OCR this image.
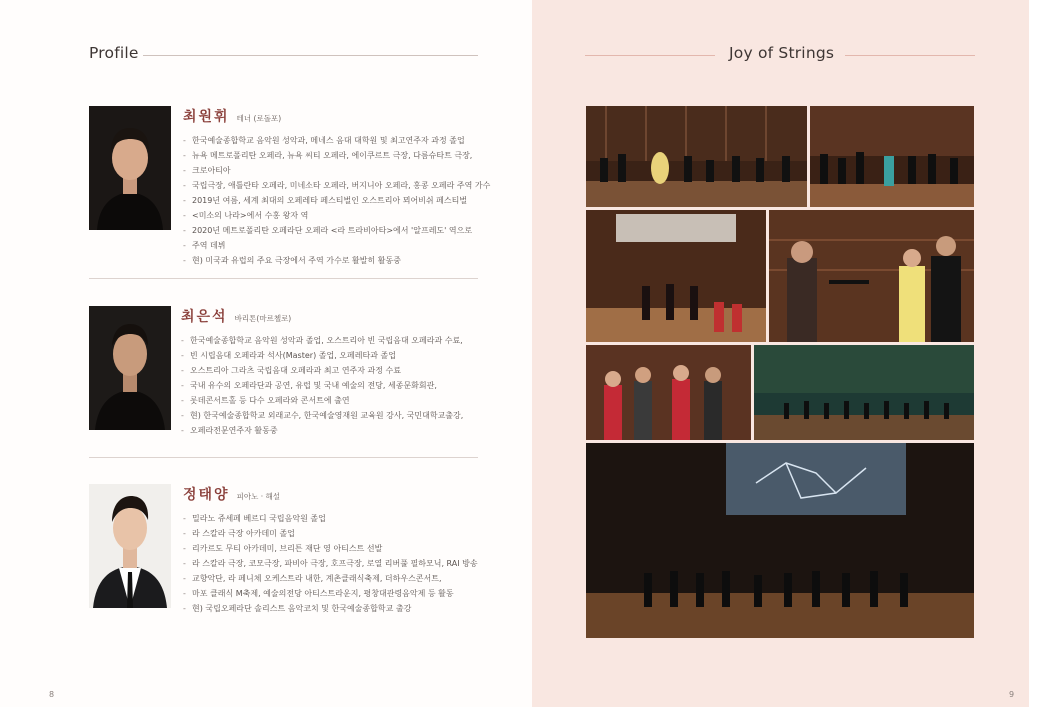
Profile
최원휘 테너 (로돌포)
- 한국예술종합학교 음악원 성악과, 메네스 음대 대학원 및 최고연주자 과정 졸업
- 뉴욕 메트로폴리탄 오페라, 뉴욕 씨티 오페라, 에이쿠르트 극장, 다름슈타트 극장,
- 크로아티아
- 국립극장, 애틀란타 오페라, 미네소타 오페라, 버지니아 오페라, 홍콩 오페라 주역 가수
- 2019년 여름, 세계 최대의 오페레타 페스티벌인 오스트리아 뫼어비쉬 페스티벌
- <미소의 나라>에서 수홍 왕자 역
- 2020년 메트로폴리탄 오페라단 오페라 <라 트라비아타>에서 '알프레도' 역으로
- 주역 데뷔
- 현) 미국과 유럽의 주요 극장에서 주역 가수로 활발히 활동중
최은석 바리톤(마르첼로)
- 한국예술종합학교 음악원 성악과 졸업, 오스트리아 빈 국립음대 오페라과 수료,
- 빈 시립음대 오페라과 석사(Master) 졸업, 오페레타과 졸업
- 오스트리아 그라츠 국립음대 오페라과 최고 연주자 과정 수료
- 국내 유수의 오페라단과 공연, 유럽 및 국내 예술의 전당, 세종문화회관,
- 롯데콘서트홀 등 다수 오페라와 콘서트에 출연
- 현) 한국예술종합학교 외래교수, 한국예술영재원 교육원 강사, 국민대학교출강,
- 오페라전문연주자 활동중
정태양 피아노 · 해설
- 밀라노 쥬세페 베르디 국립음악원 졸업
- 라 스칼라 극장 아카데미 졸업
- 리카르도 무티 아카데미, 브리튼 재단 영 아티스트 선발
- 라 스칼라 극장, 코모극장, 파비아 극장, 호프극장, 로열 리버풀 필하모닉, RAI 방송
- 교향악단, 라 페니체 오케스트라 내한, 계촌클래식축제, 더하우스콘서트,
- 마포 클래식 M축제, 예술의전당 아티스트라운지, 평창대관령음악제 등 활동
- 현) 국립오페라단 솔리스트 음악코치 및 한국예술종합학교 출강
8
Joy of Strings
9
